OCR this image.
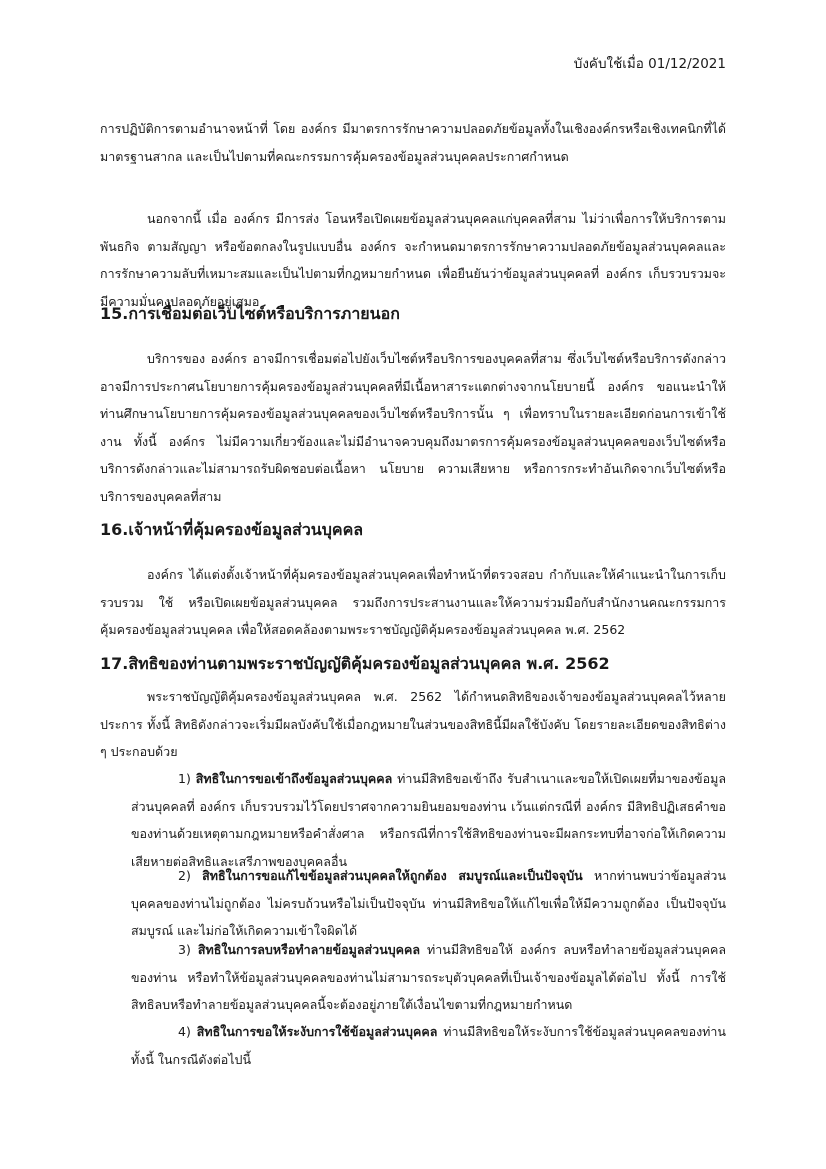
บังคับใช้เมื่อ 01/12/2021

การปฏิบัติการตามอำนาจหน้าที่ โดย องค์กร มีมาตรการรักษาความปลอดภัยข้อมูลทั้งในเชิงองค์กรหรือเชิงเทคนิกที่ได้มาตรฐานสากล และเป็นไปตามที่คณะกรรมการคุ้มครองข้อมูลส่วนบุคคลประกาศกำหนด

นอกจากนี้ เมื่อ องค์กร มีการส่ง โอนหรือเปิดเผยข้อมูลส่วนบุคคลแก่บุคคลที่สาม ไม่ว่าเพื่อการให้บริการตามพันธกิจ ตามสัญญา หรือข้อตกลงในรูปแบบอื่น องค์กร จะกำหนดมาตรการรักษาความปลอดภัยข้อมูลส่วนบุคคลและการรักษาความลับที่เหมาะสมและเป็นไปตามที่กฎหมายกำหนด เพื่อยืนยันว่าข้อมูลส่วนบุคคลที่ องค์กร เก็บรวบรวมจะมีความมั่นคงปลอดภัยอยู่เสมอ

15.การเชื่อมต่อเว็บไซต์หรือบริการภายนอก

บริการของ องค์กร อาจมีการเชื่อมต่อไปยังเว็บไซต์หรือบริการของบุคคลที่สาม ซึ่งเว็บไซต์หรือบริการดังกล่าวอาจมีการประกาศนโยบายการคุ้มครองข้อมูลส่วนบุคคลที่มีเนื้อหาสาระแตกต่างจากนโยบายนี้ องค์กร ขอแนะนำให้ท่านศึกษานโยบายการคุ้มครองข้อมูลส่วนบุคคลของเว็บไซต์หรือบริการนั้น ๆ เพื่อทราบในรายละเอียดก่อนการเข้าใช้งาน ทั้งนี้ องค์กร ไม่มีความเกี่ยวข้องและไม่มีอำนาจควบคุมถึงมาตรการคุ้มครองข้อมูลส่วนบุคคลของเว็บไซต์หรือบริการดังกล่าวและไม่สามารถรับผิดชอบต่อเนื้อหา นโยบาย ความเสียหาย หรือการกระทำอันเกิดจากเว็บไซต์หรือบริการของบุคคลที่สาม

16.เจ้าหน้าที่คุ้มครองข้อมูลส่วนบุคคล

องค์กร ได้แต่งตั้งเจ้าหน้าที่คุ้มครองข้อมูลส่วนบุคคลเพื่อทำหน้าที่ตรวจสอบ กำกับและให้คำแนะนำในการเก็บรวบรวม ใช้ หรือเปิดเผยข้อมูลส่วนบุคคล รวมถึงการประสานงานและให้ความร่วมมือกับสำนักงานคณะกรรมการคุ้มครองข้อมูลส่วนบุคคล เพื่อให้สอดคล้องตามพระราชบัญญัติคุ้มครองข้อมูลส่วนบุคคล พ.ศ. 2562

17.สิทธิของท่านตามพระราชบัญญัติคุ้มครองข้อมูลส่วนบุคคล พ.ศ. 2562

พระราชบัญญัติคุ้มครองข้อมูลส่วนบุคคล พ.ศ. 2562 ได้กำหนดสิทธิของเจ้าของข้อมูลส่วนบุคคลไว้หลายประการ ทั้งนี้ สิทธิดังกล่าวจะเริ่มมีผลบังคับใช้เมื่อกฎหมายในส่วนของสิทธินี้มีผลใช้บังคับ โดยรายละเอียดของสิทธิต่าง ๆ ประกอบด้วย

1) สิทธิในการขอเข้าถึงข้อมูลส่วนบุคคล ท่านมีสิทธิขอเข้าถึง รับสำเนาและขอให้เปิดเผยที่มาของข้อมูลส่วนบุคคลที่ องค์กร เก็บรวบรวมไว้โดยปราศจากความยินยอมของท่าน เว้นแต่กรณีที่ องค์กร มีสิทธิปฏิเสธคำขอของท่านด้วยเหตุตามกฎหมายหรือคำสั่งศาล หรือกรณีที่การใช้สิทธิของท่านจะมีผลกระทบที่อาจก่อให้เกิดความเสียหายต่อสิทธิและเสรีภาพของบุคคลอื่น

2) สิทธิในการขอแก้ไขข้อมูลส่วนบุคคลให้ถูกต้อง สมบูรณ์และเป็นปัจจุบัน หากท่านพบว่าข้อมูลส่วนบุคคลของท่านไม่ถูกต้อง ไม่ครบถ้วนหรือไม่เป็นปัจจุบัน ท่านมีสิทธิขอให้แก้ไขเพื่อให้มีความถูกต้อง เป็นปัจจุบัน สมบูรณ์ และไม่ก่อให้เกิดความเข้าใจผิดได้

3) สิทธิในการลบหรือทำลายข้อมูลส่วนบุคคล ท่านมีสิทธิขอให้ องค์กร ลบหรือทำลายข้อมูลส่วนบุคคลของท่าน หรือทำให้ข้อมูลส่วนบุคคลของท่านไม่สามารถระบุตัวบุคคลที่เป็นเจ้าของข้อมูลได้ต่อไป ทั้งนี้ การใช้สิทธิลบหรือทำลายข้อมูลส่วนบุคคลนี้จะต้องอยู่ภายใต้เงื่อนไขตามที่กฎหมายกำหนด

4) สิทธิในการขอให้ระงับการใช้ข้อมูลส่วนบุคคล ท่านมีสิทธิขอให้ระงับการใช้ข้อมูลส่วนบุคคลของท่าน ทั้งนี้ ในกรณีดังต่อไปนี้
